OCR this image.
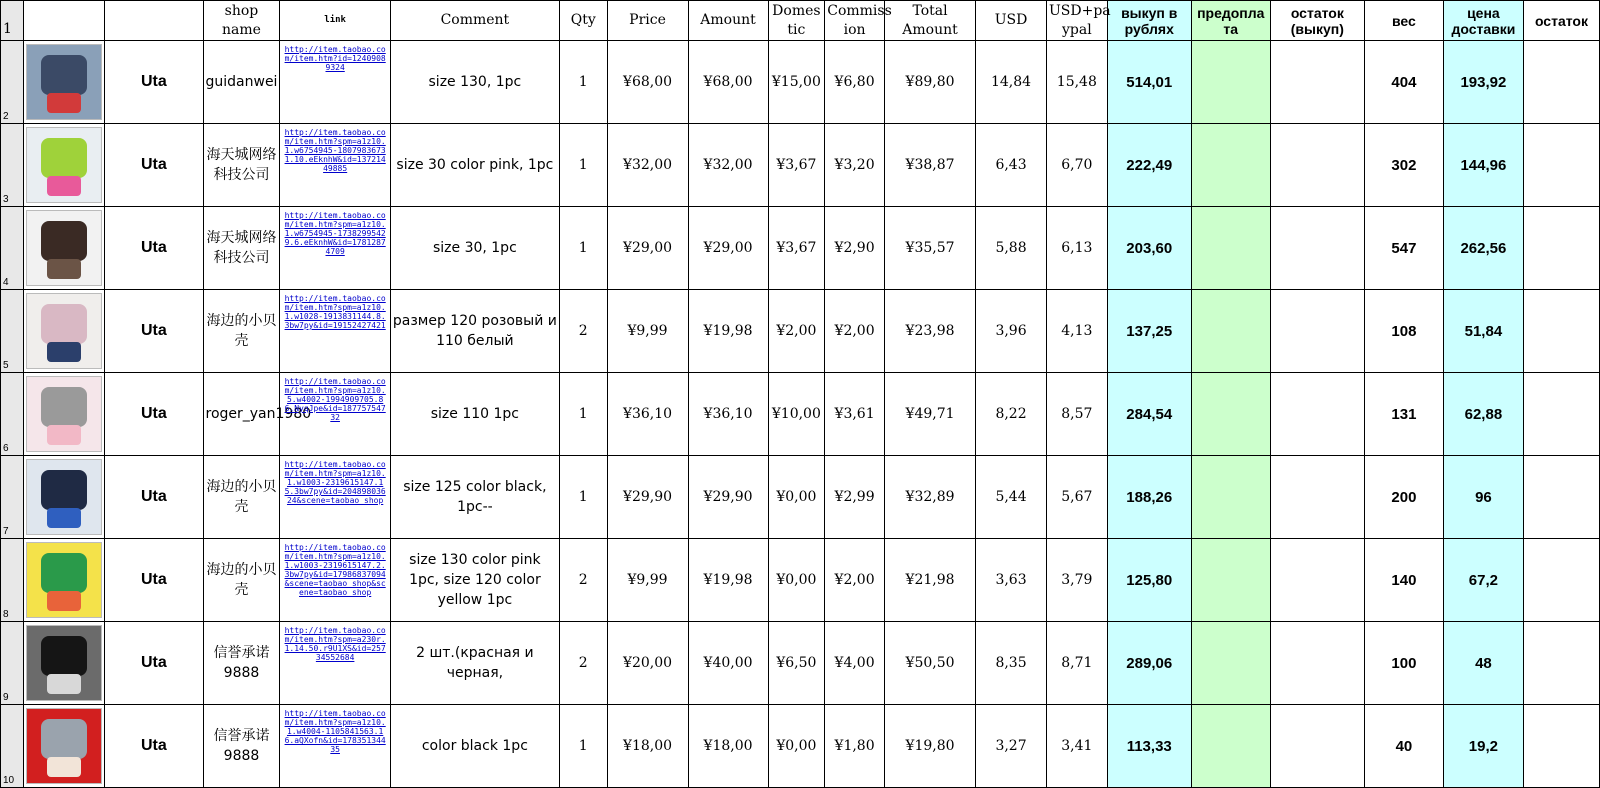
1			shop name	link	Comment	Qty	Price	Amount	Domes tic	Commiss ion	Total Amount	USD	USD+pa ypal	выкуп в рублях	предопла та	остаток (выкуп)	вес	цена доставки	остаток
2		Uta	guidanwei	http://item.taobao.com/item.htm?id=12409089324	size 130, 1pc	1	¥68,00	¥68,00	¥15,00	¥6,80	¥89,80	14,84	15,48	514,01			404	193,92	
3		Uta	海天城网络科技公司	http://item.taobao.com/item.htm?spm=a1z10.1.w6754945-18079836731.10.eEknhW&id=13721449885	size 30 color pink, 1pc	1	¥32,00	¥32,00	¥3,67	¥3,20	¥38,87	6,43	6,70	222,49			302	144,96	
4		Uta	海天城网络科技公司	http://item.taobao.com/item.htm?spm=a1z10.1.w6754945-17382995429.6.eEknhW&id=17812874709	size 30, 1pc	1	¥29,00	¥29,00	¥3,67	¥2,90	¥35,57	5,88	6,13	203,60			547	262,56	
5		Uta	海边的小贝壳	http://item.taobao.com/item.htm?spm=a1z10.1.w1028-1913831144.8.3bw7py&id=19152427421	размер 120 розовый и 110 белый	2	¥9,99	¥19,98	¥2,00	¥2,00	¥23,98	3,96	4,13	137,25			108	51,84	
6		Uta	roger_yan1980	http://item.taobao.com/item.htm?spm=a1z10.5.w4002-1994909705.86.NyqJpe&id=18775754732	size 110 1pc	1	¥36,10	¥36,10	¥10,00	¥3,61	¥49,71	8,22	8,57	284,54			131	62,88	
7		Uta	海边的小贝壳	http://item.taobao.com/item.htm?spm=a1z10.1.w1003-2319615147.15.3bw7py&id=20489803624&scene=taobao_shop	size 125 color black, 1pc--	1	¥29,90	¥29,90	¥0,00	¥2,99	¥32,89	5,44	5,67	188,26			200	96	
8		Uta	海边的小贝壳	http://item.taobao.com/item.htm?spm=a1z10.1.w1003-2319615147.2.3bw7py&id=17986837094&scene=taobao_shop&scene=taobao_shop	size 130 color pink 1pc, size 120 color yellow 1pc	2	¥9,99	¥19,98	¥0,00	¥2,00	¥21,98	3,63	3,79	125,80			140	67,2	
9		Uta	信誉承诺9888	http://item.taobao.com/item.htm?spm=a230r.1.14.50.r9U1XS&id=25734552684	2 шт.(красная и черная,	2	¥20,00	¥40,00	¥6,50	¥4,00	¥50,50	8,35	8,71	289,06			100	48	
10		Uta	信誉承诺9888	http://item.taobao.com/item.htm?spm=a1z10.1.w4004-1105841563.16.aQXofn&id=17835134435	color black 1pc	1	¥18,00	¥18,00	¥0,00	¥1,80	¥19,80	3,27	3,41	113,33			40	19,2	
